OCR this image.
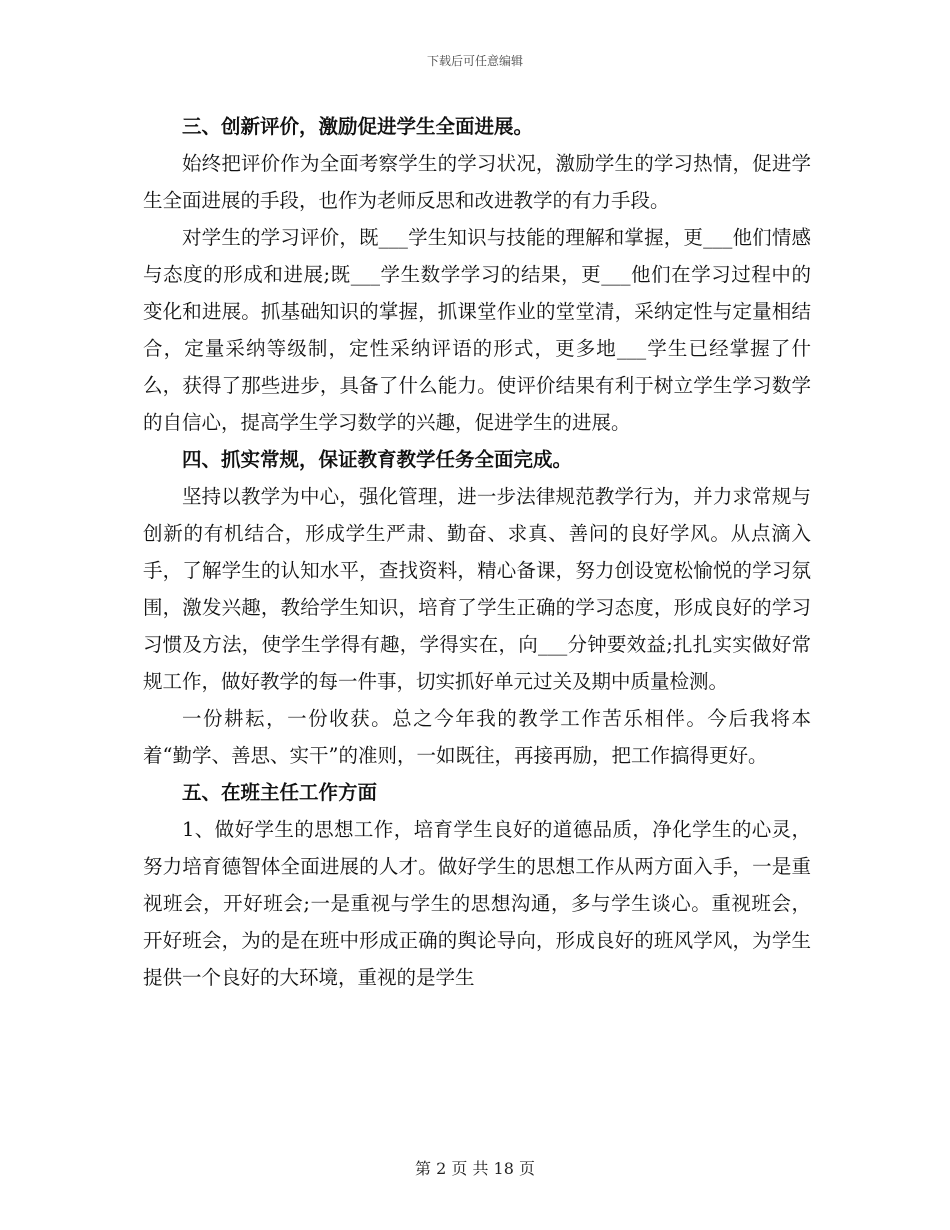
下载后可任意编辑

三、创新评价，激励促进学生全面进展。

始终把评价作为全面考察学生的学习状况，激励学生的学习热情，促进学生全面进展的手段，也作为老师反思和改进教学的有力手段。

对学生的学习评价，既___学生知识与技能的理解和掌握，更___他们情感与态度的形成和进展;既___学生数学学习的结果，更___他们在学习过程中的变化和进展。抓基础知识的掌握，抓课堂作业的堂堂清，采纳定性与定量相结合，定量采纳等级制，定性采纳评语的形式，更多地___学生已经掌握了什么，获得了那些进步，具备了什么能力。使评价结果有利于树立学生学习数学的自信心，提高学生学习数学的兴趣，促进学生的进展。

四、抓实常规，保证教育教学任务全面完成。

坚持以教学为中心，强化管理，进一步法律规范教学行为，并力求常规与创新的有机结合，形成学生严肃、勤奋、求真、善问的良好学风。从点滴入手，了解学生的认知水平，查找资料，精心备课，努力创设宽松愉悦的学习氛围，激发兴趣，教给学生知识，培育了学生正确的学习态度，形成良好的学习习惯及方法，使学生学得有趣，学得实在，向___分钟要效益;扎扎实实做好常规工作，做好教学的每一件事，切实抓好单元过关及期中质量检测。

一份耕耘，一份收获。总之今年我的教学工作苦乐相伴。今后我将本着“勤学、善思、实干”的准则，一如既往，再接再励，把工作搞得更好。

五、在班主任工作方面

1、做好学生的思想工作，培育学生良好的道德品质，净化学生的心灵，努力培育德智体全面进展的人才。做好学生的思想工作从两方面入手，一是重视班会，开好班会;一是重视与学生的思想沟通，多与学生谈心。重视班会，开好班会，为的是在班中形成正确的舆论导向，形成良好的班风学风，为学生提供一个良好的大环境，重视的是学生

第 2 页 共 18 页
